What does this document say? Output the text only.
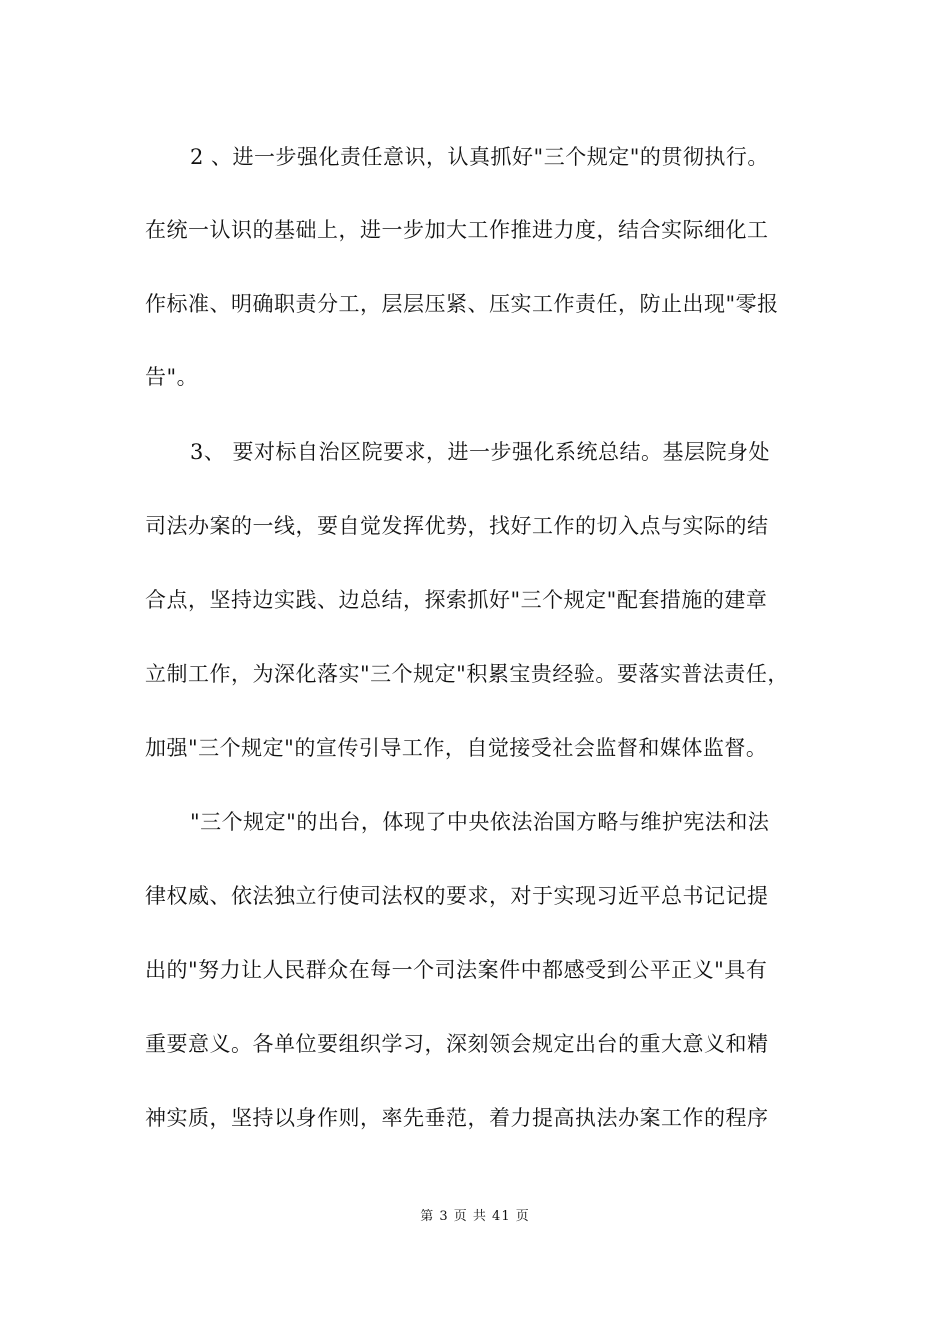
2 、进一步强化责任意识，认真抓好"三个规定"的贯彻执行。
在统一认识的基础上，进一步加大工作推进力度，结合实际细化工
作标准、明确职责分工，层层压紧、压实工作责任，防止出现"零报
告"。
3、 要对标自治区院要求，进一步强化系统总结。基层院身处
司法办案的一线，要自觉发挥优势，找好工作的切入点与实际的结
合点，坚持边实践、边总结，探索抓好"三个规定"配套措施的建章
立制工作，为深化落实"三个规定"积累宝贵经验。要落实普法责任，
加强"三个规定"的宣传引导工作，自觉接受社会监督和媒体监督。
"三个规定"的出台，体现了中央依法治国方略与维护宪法和法
律权威、依法独立行使司法权的要求，对于实现习近平总书记记提
出的"努力让人民群众在每一个司法案件中都感受到公平正义"具有
重要意义。各单位要组织学习，深刻领会规定出台的重大意义和精
神实质，坚持以身作则，率先垂范，着力提高执法办案工作的程序
第 3 页 共 41 页
